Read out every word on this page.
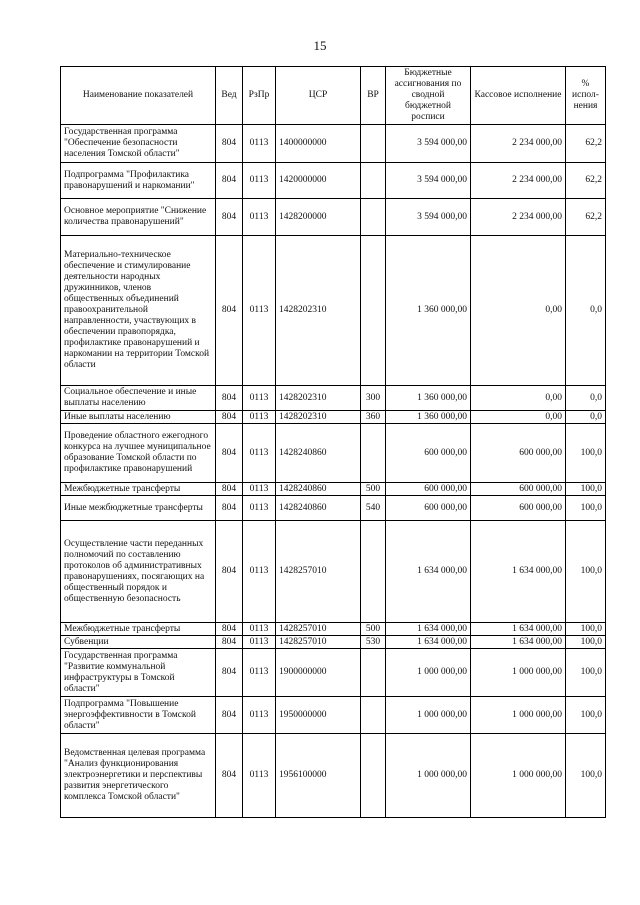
15
Наименование показателей	Вед	РзПр	ЦСР	ВР	Бюджетные ассигнования по сводной бюджетной росписи	Кассовое исполнение	% испол-нения
Государственная программа "Обеспечение безопасности населения Томской области"	804	0113	1400000000		3 594 000,00	2 234 000,00	62,2
Подпрограмма "Профилактика правонарушений и наркомании"	804	0113	1420000000		3 594 000,00	2 234 000,00	62,2
Основное мероприятие "Снижение количества правонарушений"	804	0113	1428200000		3 594 000,00	2 234 000,00	62,2
Материально-техническое обеспечение и стимулирование деятельности народных дружинников, членов общественных объединений правоохранительной направленности, участвующих в обеспечении правопорядка, профилактике правонарушений и наркомании на территории Томской области	804	0113	1428202310		1 360 000,00	0,00	0,0
Социальное обеспечение и иные выплаты населению	804	0113	1428202310	300	1 360 000,00	0,00	0,0
Иные выплаты населению	804	0113	1428202310	360	1 360 000,00	0,00	0,0
Проведение областного ежегодного конкурса на лучшее муниципальное образование Томской области по профилактике правонарушений	804	0113	1428240860		600 000,00	600 000,00	100,0
Межбюджетные трансферты	804	0113	1428240860	500	600 000,00	600 000,00	100,0
Иные межбюджетные трансферты	804	0113	1428240860	540	600 000,00	600 000,00	100,0
Осуществление части переданных полномочий по составлению протоколов об административных правонарушениях, посягающих на общественный порядок и общественную безопасность	804	0113	1428257010		1 634 000,00	1 634 000,00	100,0
Межбюджетные трансферты	804	0113	1428257010	500	1 634 000,00	1 634 000,00	100,0
Субвенции	804	0113	1428257010	530	1 634 000,00	1 634 000,00	100,0
Государственная программа "Развитие коммунальной инфраструктуры в Томской области"	804	0113	1900000000		1 000 000,00	1 000 000,00	100,0
Подпрограмма "Повышение энергоэффективности в Томской области"	804	0113	1950000000		1 000 000,00	1 000 000,00	100,0
Ведомственная целевая программа "Анализ функционирования электроэнергетики и перспективы развития энергетического комплекса Томской области"	804	0113	1956100000		1 000 000,00	1 000 000,00	100,0
